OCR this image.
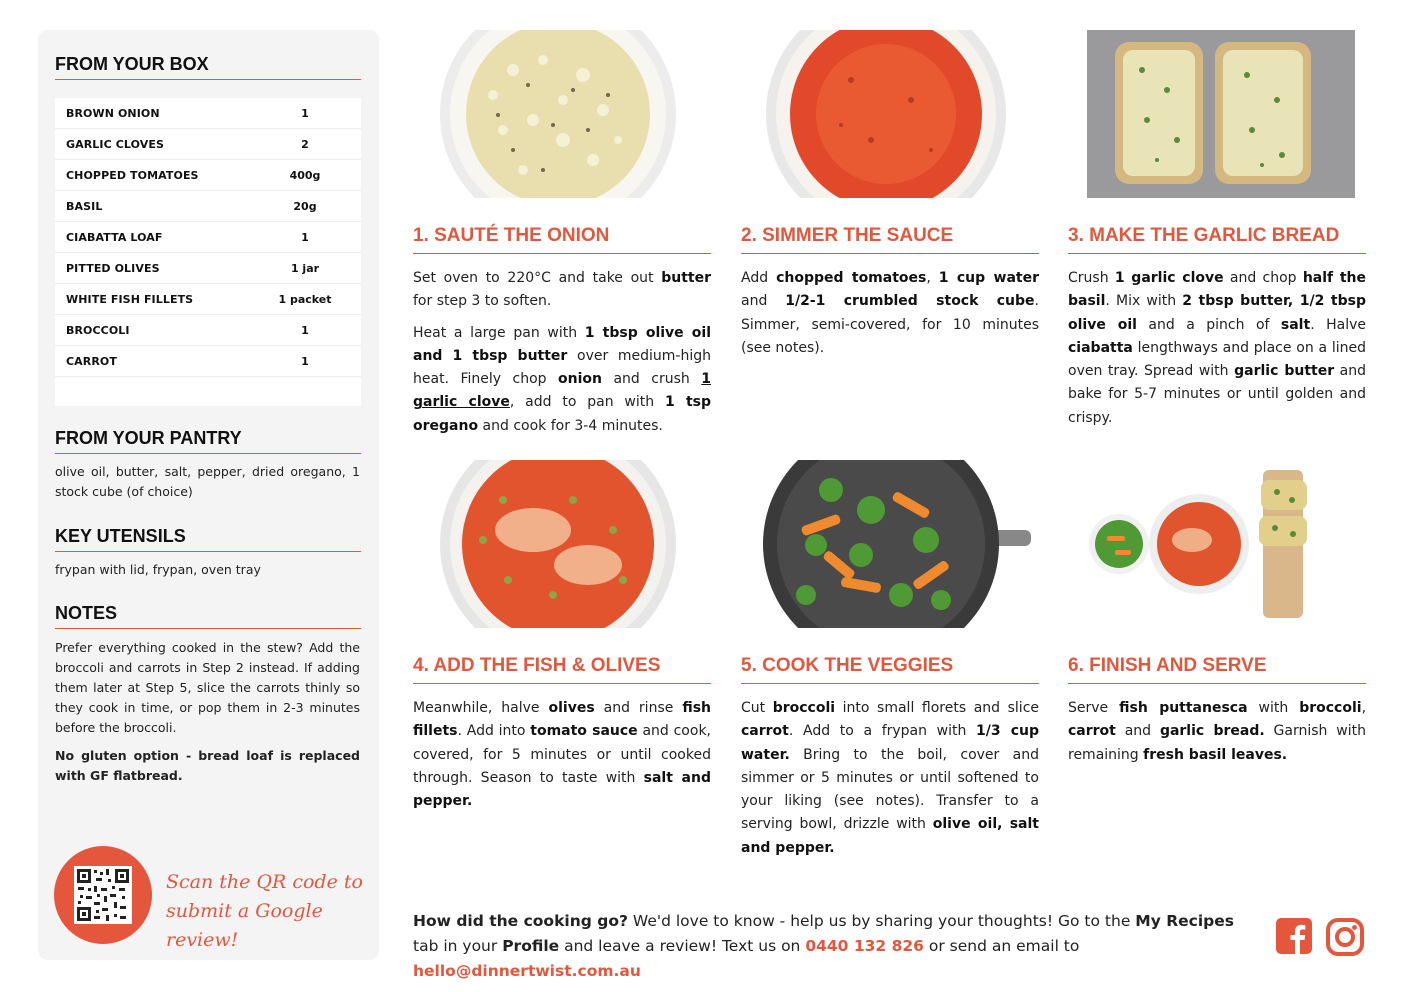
FROM YOUR BOX
BROWN ONION	1
GARLIC CLOVES	2
CHOPPED TOMATOES	400g
BASIL	20g
CIABATTA LOAF	1
PITTED OLIVES	1 jar
WHITE FISH FILLETS	1 packet
BROCCOLI	1
CARROT	1
FROM YOUR PANTRY
olive oil, butter, salt, pepper, dried oregano, 1 stock cube (of choice)
KEY UTENSILS
frypan with lid, frypan, oven tray
NOTES
Prefer everything cooked in the stew? Add the broccoli and carrots in Step 2 instead. If adding them later at Step 5, slice the carrots thinly so they cook in time, or pop them in 2-3 minutes before the broccoli.
No gluten option - bread loaf is replaced with GF flatbread.
Scan the QR code to
submit a Google review!
1. SAUTÉ THE ONION	2. SIMMER THE SAUCE	3. MAKE THE GARLIC BREAD
4. ADD THE FISH & OLIVES	5. COOK THE VEGGIES	6. FINISH AND SERVE

Set oven to 220°C and take out butter for step 3 to soften.

Heat a large pan with 1 tbsp olive oil and 1 tbsp butter over medium-high heat. Finely chop onion and crush 1 garlic clove, add to pan with 1 tsp oregano and cook for 3-4 minutes.

Add chopped tomatoes, 1 cup water and 1/2-1 crumbled stock cube. Simmer, semi-covered, for 10 minutes (see notes).

Crush 1 garlic clove and chop half the basil. Mix with 2 tbsp butter, 1/2 tbsp olive oil and a pinch of salt. Halve ciabatta lengthways and place on a lined oven tray. Spread with garlic butter and bake for 5-7 minutes or until golden and crispy.

Meanwhile, halve olives and rinse fish fillets. Add into tomato sauce and cook, covered, for 5 minutes or until cooked through. Season to taste with salt and pepper.

Cut broccoli into small florets and slice carrot. Add to a frypan with 1/3 cup water. Bring to the boil, cover and simmer or 5 minutes or until softened to your liking (see notes). Transfer to a serving bowl, drizzle with olive oil, salt and pepper.

Serve fish puttanesca with broccoli, carrot and garlic bread. Garnish with remaining fresh basil leaves.

How did the cooking go? We'd love to know - help us by sharing your thoughts! Go to the My Recipes tab in your Profile and leave a review! Text us on 0440 132 826 or send an email to hello@dinnertwist.com.au
